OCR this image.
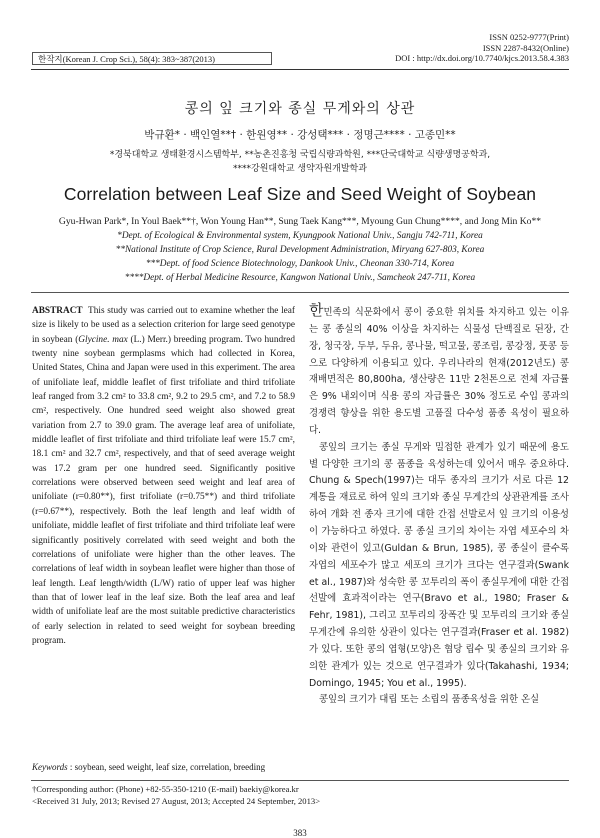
한작지(Korean J. Crop Sci.), 58(4): 383~387(2013)
ISSN 0252-9777(Print)
ISSN 2287-8432(Online)
DOI : http://dx.doi.org/10.7740/kjcs.2013.58.4.383
콩의 잎 크기와 종실 무게와의 상관
박규환* · 백인열**† · 한원영** · 강성택*** · 정명근**** · 고종민**
*경북대학교 생태환경시스템학부, **농촌진흥청 국립식량과학원, ***단국대학교 식량생명공학과,
****강원대학교 생약자원개발학과
Correlation between Leaf Size and Seed Weight of Soybean
Gyu-Hwan Park*, In Youl Baek**†, Won Young Han**, Sung Taek Kang***, Myoung Gun Chung****, and Jong Min Ko**
*Dept. of Ecological & Environmental system, Kyungpook National Univ., Sangju 742-711, Korea
**National Institute of Crop Science, Rural Development Administration, Miryang 627-803, Korea
***Dept. of food Science Biotechnology, Dankook Univ., Cheonan 330-714, Korea
****Dept. of Herbal Medicine Resource, Kangwon National Univ., Samcheok 247-711, Korea
ABSTRACT This study was carried out to examine whether the leaf size is likely to be used as a selection criterion for large seed genotype in soybean (Glycine. max (L.) Merr.) breeding program. Two hundred twenty nine soybean germplasms which had collected in Korea, United States, China and Japan were used in this experiment. The area of unifoliate leaf, middle leaflet of first trifoliate and third trifoliate leaf ranged from 3.2 cm² to 33.8 cm², 9.2 to 29.5 cm², and 7.2 to 58.9 cm², respectively. One hundred seed weight also showed great variation from 2.7 to 39.0 gram. The average leaf area of unifoliate, middle leaflet of first trifoliate and third trifoliate leaf were 15.7 cm², 18.1 cm² and 32.7 cm², respectively, and that of seed average weight was 17.2 gram per one hundred seed. Significantly positive correlations were observed between seed weight and leaf area of unifoliate (r=0.80**), first trifoliate (r=0.75**) and third trifoliate (r=0.67**), respectively. Both the leaf length and leaf width of unifoliate, middle leaflet of first trifoliate and third trifoliate leaf were significantly positively correlated with seed weight and both the correlations of unifoliate were higher than the other leaves. The correlations of leaf width in soybean leaflet were higher than those of leaf length. Leaf length/width (L/W) ratio of upper leaf was higher than that of lower leaf in the leaf size. Both the leaf area and leaf width of unifoliate leaf are the most suitable predictive characteristics of early selection in related to seed weight for soybean breeding program.
Keywords : soybean, seed weight, leaf size, correlation, breeding
한민족의 식문화에서 콩이 중요한 위치를 차지하고 있는 이유는 콩 종실의 40% 이상을 차지하는 식물성 단백질로 된장, 간장, 청국장, 두부, 두유, 콩나물, 떡고물, 콩조림, 콩강정, 풋콩 등으로 다양하게 이용되고 있다. 우리나라의 현재(2012년도) 콩 재배면적은 80,800ha, 생산량은 11만 2천톤으로 전체 자급률은 9% 내외이며 식용 콩의 자급률은 30% 정도로 수입 콩과의 경쟁력 향상을 위한 용도별 고품질 다수성 품종 육성이 필요하다.
콩잎의 크기는 종실 무게와 밀접한 관계가 있기 때문에 용도별 다양한 크기의 콩 품종을 육성하는데 있어서 매우 중요하다. Chung & Spech(1997)는 대두 종자의 크기가 서로 다른 12계통을 재료로 하여 잎의 크기와 종실 무게간의 상관관계를 조사하여 개화 전 종자 크기에 대한 간접 선발로서 잎 크기의 이용성이 가능하다고 하였다. 콩 종실 크기의 차이는 자엽 세포수의 차이와 관련이 있고(Guldan & Brun, 1985), 콩 종실이 클수록 자엽의 세포수가 많고 세포의 크기가 크다는 연구결과(Swank et al., 1987)와 성숙한 콩 꼬투리의 폭이 종실무게에 대한 간접선발에 효과적이라는 연구(Bravo et al., 1980; Fraser & Fehr, 1981), 그리고 꼬투리의 장폭간 및 꼬투리의 크기와 종실 무게간에 유의한 상관이 있다는 연구결과(Fraser et al. 1982)가 있다. 또한 콩의 엽형(모양)은 협당 립수 및 종실의 크기와 유의한 관계가 있는 것으로 연구결과가 있다(Takahashi, 1934; Domingo, 1945; You et al., 1995).
콩잎의 크기가 대립 또는 소립의 품종육성을 위한 온실
†Corresponding author: (Phone) +82-55-350-1210 (E-mail) baekiy@korea.kr
<Received 31 July, 2013; Revised 27 August, 2013; Accepted 24 September, 2013>
383
